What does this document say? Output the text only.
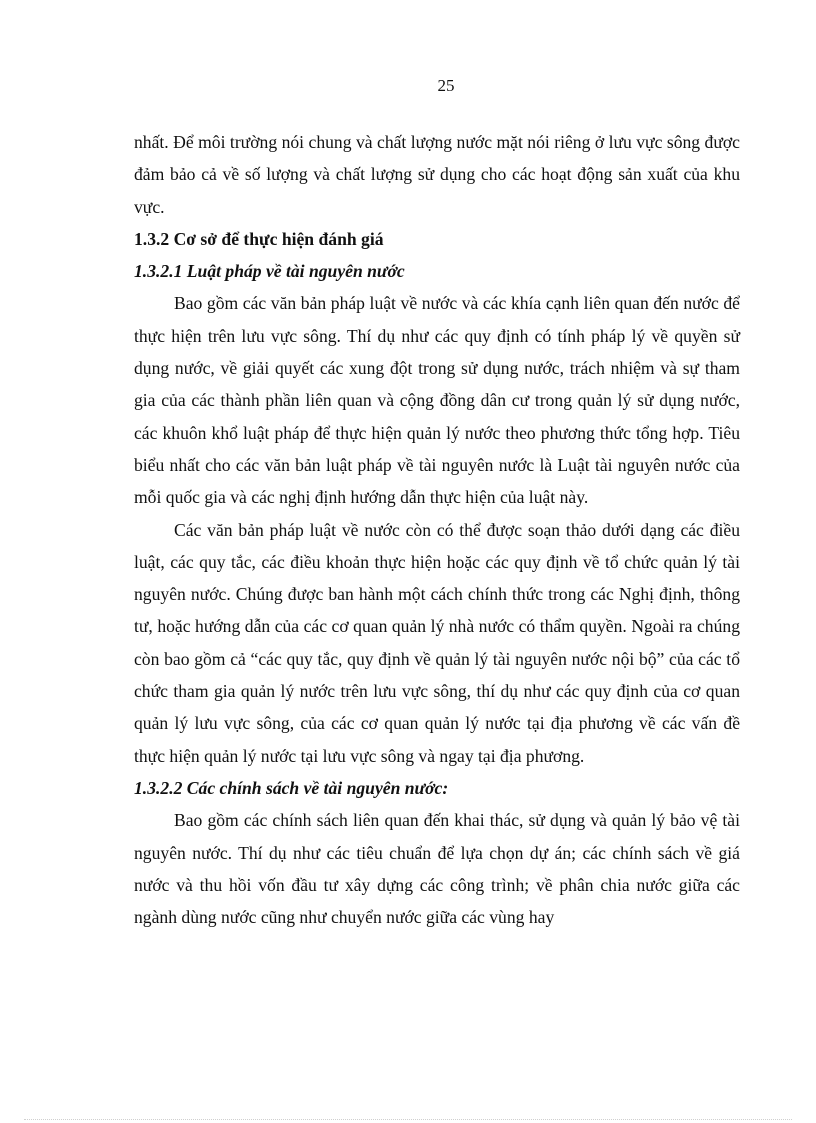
25

nhất. Để môi trường nói chung và chất lượng nước mặt nói riêng ở lưu vực sông được đảm bảo cả về số lượng và chất lượng sử dụng cho các hoạt động sản xuất của khu vực.

1.3.2 Cơ sở để thực hiện đánh giá
1.3.2.1 Luật pháp về tài nguyên nước

Bao gồm các văn bản pháp luật về nước và các khía cạnh liên quan đến nước để thực hiện trên lưu vực sông. Thí dụ như các quy định có tính pháp lý về quyền sử dụng nước, về giải quyết các xung đột trong sử dụng nước, trách nhiệm và sự tham gia của các thành phần liên quan và cộng đồng dân cư trong quản lý sử dụng nước, các khuôn khổ luật pháp để thực hiện quản lý nước theo phương thức tổng hợp. Tiêu biểu nhất cho các văn bản luật pháp về tài nguyên nước là Luật tài nguyên nước của mỗi quốc gia và các nghị định hướng dẫn thực hiện của luật này.

Các văn bản pháp luật về nước còn có thể được soạn thảo dưới dạng các điều luật, các quy tắc, các điều khoản thực hiện hoặc các quy định về tổ chức quản lý tài nguyên nước. Chúng được ban hành một cách chính thức trong các Nghị định, thông tư, hoặc hướng dẫn của các cơ quan quản lý nhà nước có thẩm quyền. Ngoài ra chúng còn bao gồm cả “các quy tắc, quy định về quản lý tài nguyên nước nội bộ” của các tổ chức tham gia quản lý nước trên lưu vực sông, thí dụ như các quy định của cơ quan quản lý lưu vực sông, của các cơ quan quản lý nước tại địa phương về các vấn đề thực hiện quản lý nước tại lưu vực sông và ngay tại địa phương.

1.3.2.2 Các chính sách về tài nguyên nước:

Bao gồm các chính sách liên quan đến khai thác, sử dụng và quản lý bảo vệ tài nguyên nước. Thí dụ như các tiêu chuẩn để lựa chọn dự án; các chính sách về giá nước và thu hồi vốn đầu tư xây dựng các công trình; về phân chia nước giữa các ngành dùng nước cũng như chuyển nước giữa các vùng hay
